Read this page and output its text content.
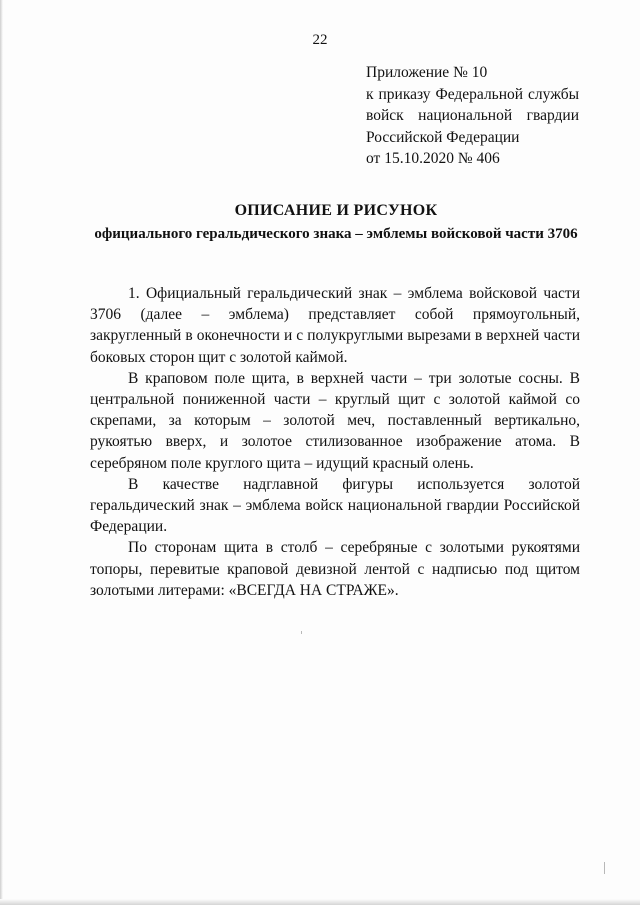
22
Приложение № 10
к приказу Федеральной службы
войск национальной гвардии
Российской Федерации
от 15.10.2020 № 406
ОПИСАНИЕ И РИСУНОК
официального геральдического знака – эмблемы войсковой части 3706

1. Официальный геральдический знак – эмблема войсковой части 3706 (далее – эмблема) представляет собой прямоугольный, закругленный в оконечности и с полукруглыми вырезами в верхней части боковых сторон щит с золотой каймой.

В краповом поле щита, в верхней части – три золотые сосны. В центральной пониженной части – круглый щит с золотой каймой со скрепами, за которым – золотой меч, поставленный вертикально, рукоятью вверх, и золотое стилизованное изображение атома. В серебряном поле круглого щита – идущий красный олень.

В качестве надглавной фигуры используется золотой геральдический знак – эмблема войск национальной гвардии Российской Федерации.

По сторонам щита в столб – серебряные с золотыми рукоятями топоры, перевитые краповой девизной лентой с надписью под щитом золотыми литерами: «ВСЕГДА НА СТРАЖЕ».
